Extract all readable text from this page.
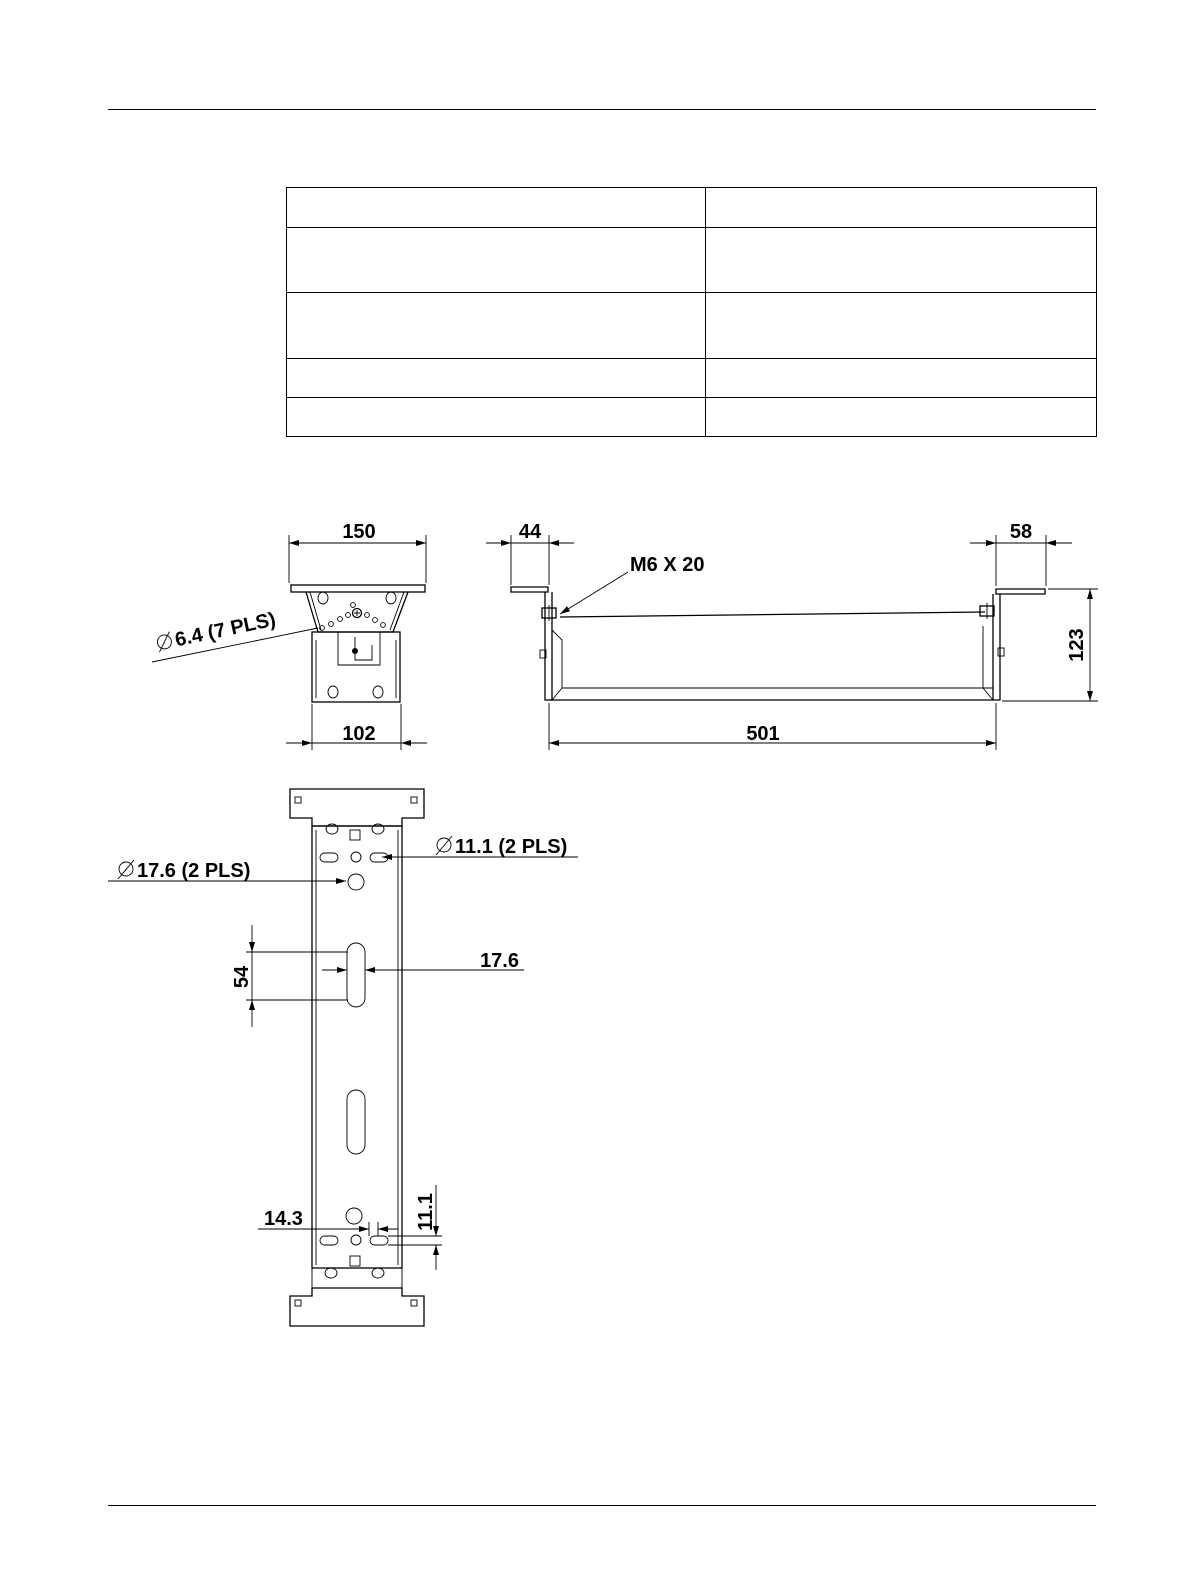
150
6.4 (7 PLS)
102
44
M6 X 20
58
123
501
11.1 (2 PLS)
17.6 (2 PLS)
54
17.6
14.3	11.1
